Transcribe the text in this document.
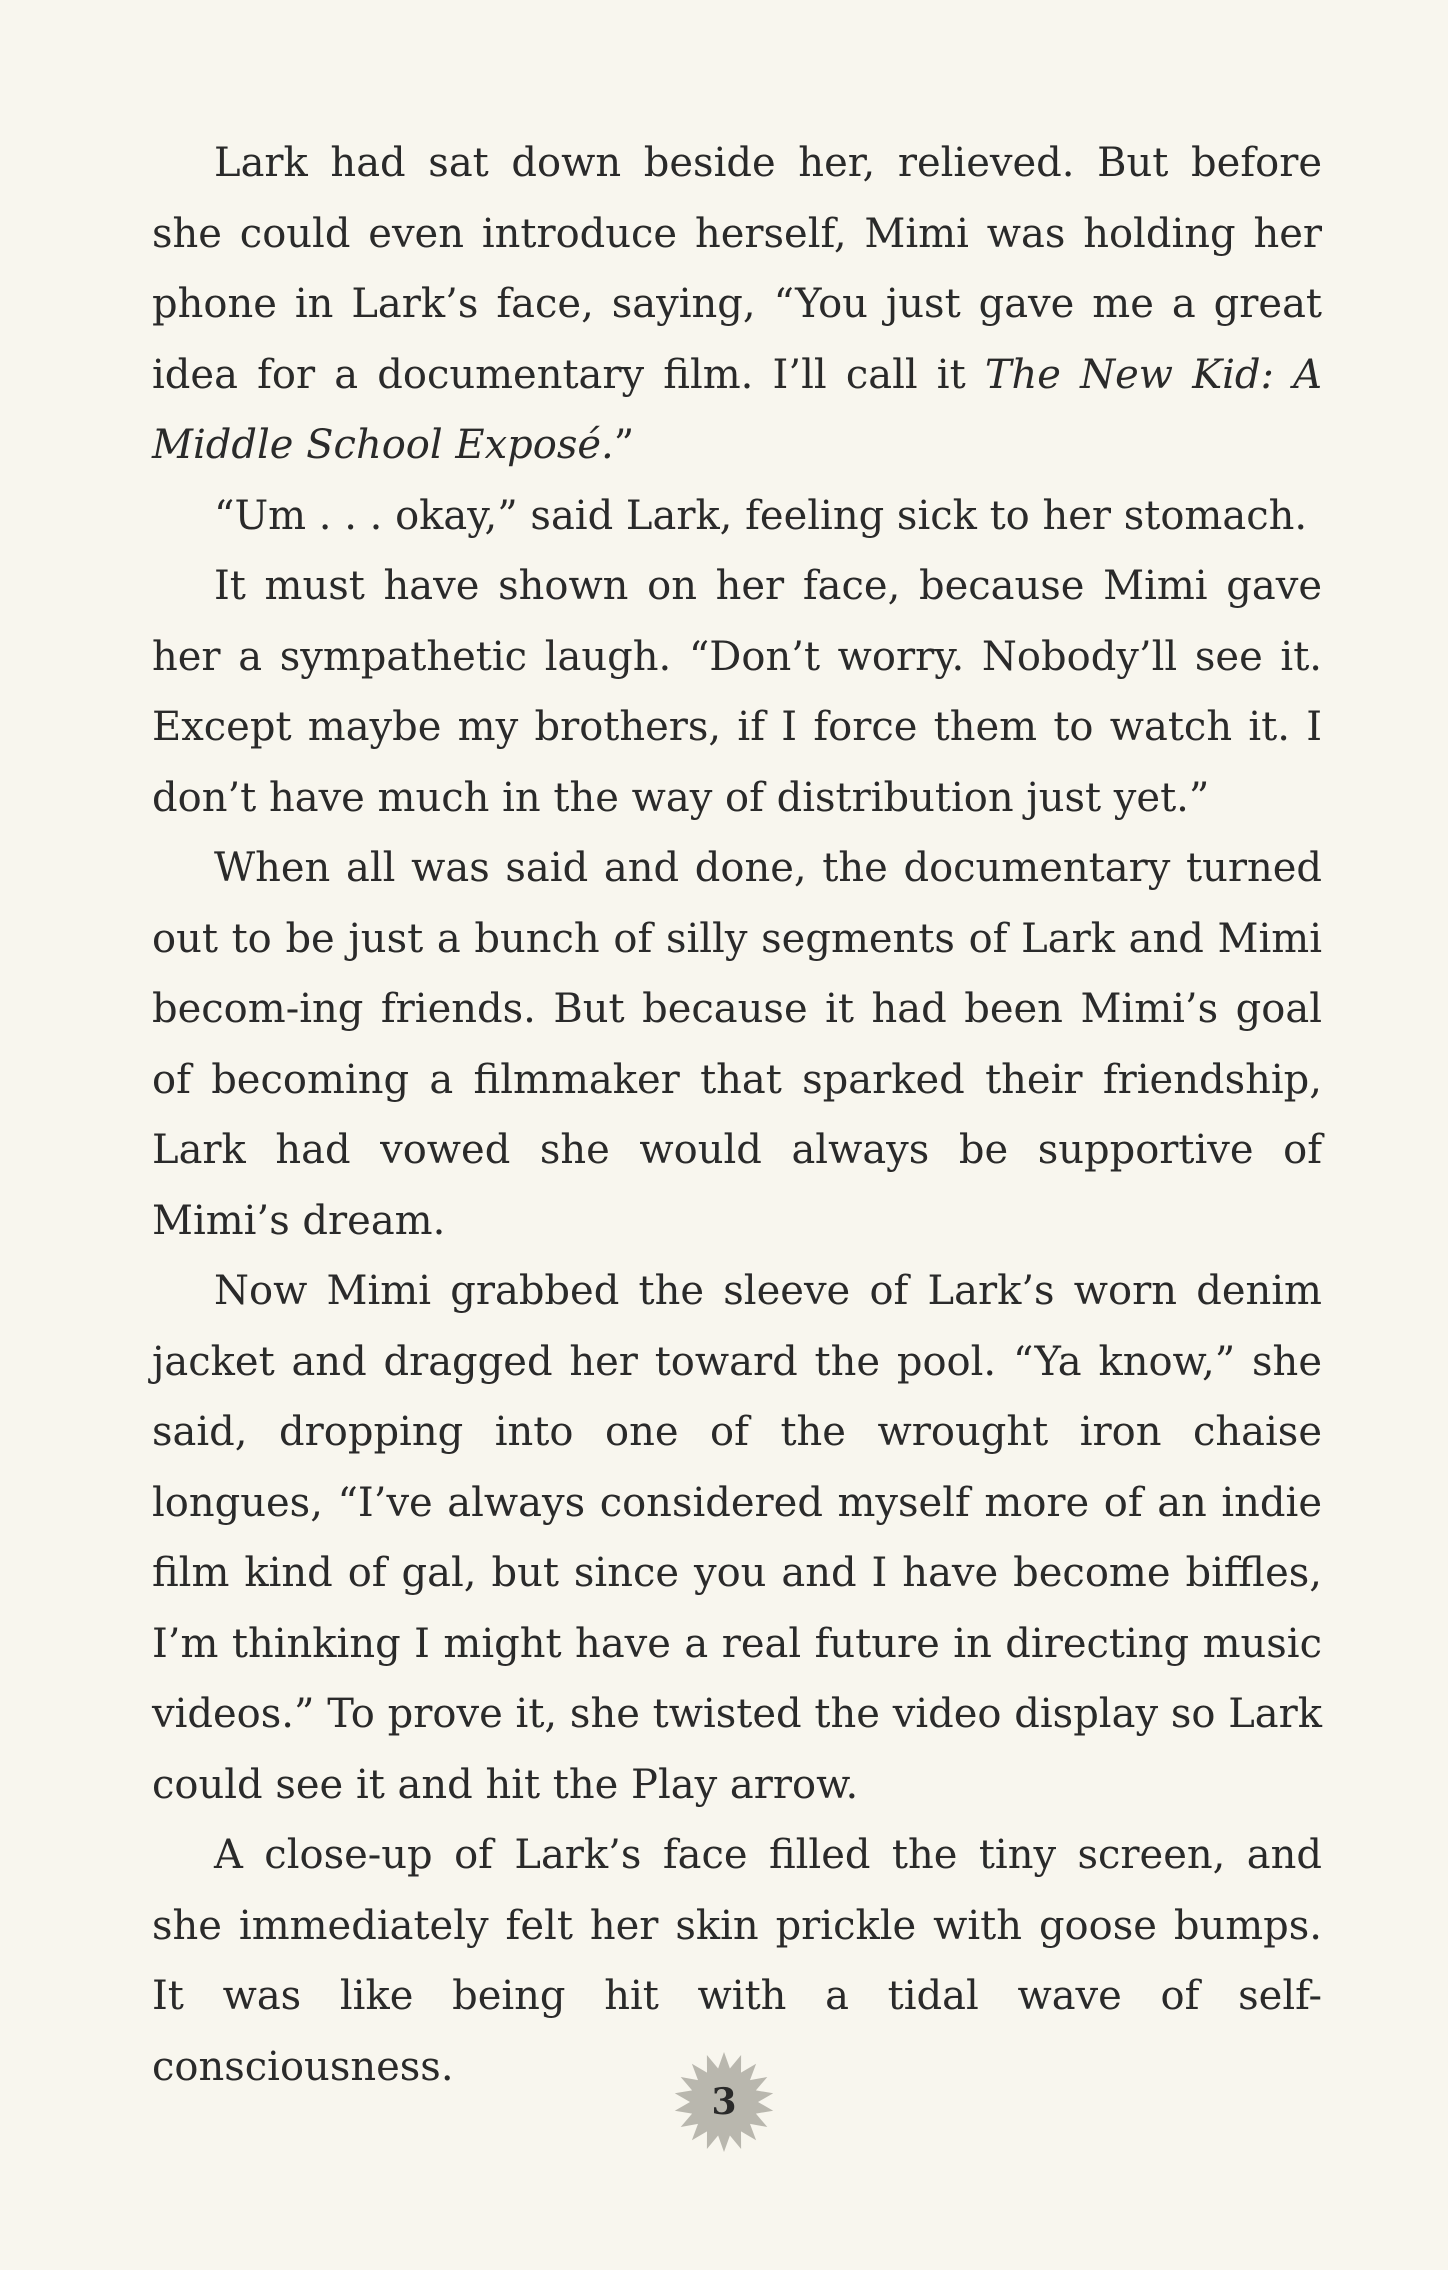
Lark had sat down beside her, relieved. But before she could even introduce herself, Mimi was holding her phone in Lark’s face, saying, “You just gave me a great idea for a documentary film. I’ll call it The New Kid: A Middle School Exposé.”

“Um . . . okay,” said Lark, feeling sick to her stomach.

It must have shown on her face, because Mimi gave her a sympathetic laugh. “Don’t worry. Nobody’ll see it. Except maybe my brothers, if I force them to watch it. I don’t have much in the way of distribution just yet.”

When all was said and done, the documentary turned out to be just a bunch of silly segments of Lark and Mimi becom-ing friends. But because it had been Mimi’s goal of becoming a filmmaker that sparked their friendship, Lark had vowed she would always be supportive of Mimi’s dream.

Now Mimi grabbed the sleeve of Lark’s worn denim jacket and dragged her toward the pool. “Ya know,” she said, dropping into one of the wrought iron chaise longues, “I’ve always considered myself more of an indie film kind of gal, but since you and I have become biffles, I’m thinking I might have a real future in directing music videos.” To prove it, she twisted the video display so Lark could see it and hit the Play arrow.

A close-up of Lark’s face filled the tiny screen, and she immediately felt her skin prickle with goose bumps. It was like being hit with a tidal wave of self-consciousness.

3
